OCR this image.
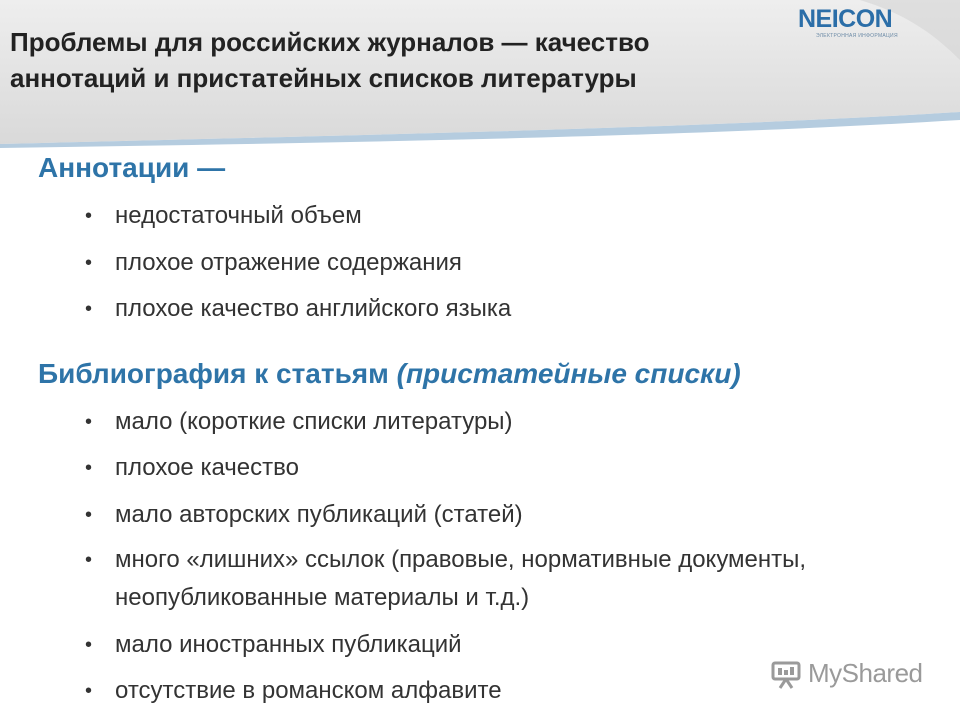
Проблемы для российских журналов — качество
аннотаций и пристатейных списков литературы
NEICON
ЭЛЕКТРОННАЯ ИНФОРМАЦИЯ
Аннотации —
• недостаточный объем
• плохое отражение содержания
• плохое качество английского языка
Библиография к статьям (пристатейные списки)
• мало (короткие списки литературы)
• плохое качество
• мало авторских публикаций (статей)
• много «лишних» ссылок (правовые, нормативные документы, неопубликованные материалы и т.д.)
• мало иностранных публикаций
• отсутствие в романском алфавите
MyShared
